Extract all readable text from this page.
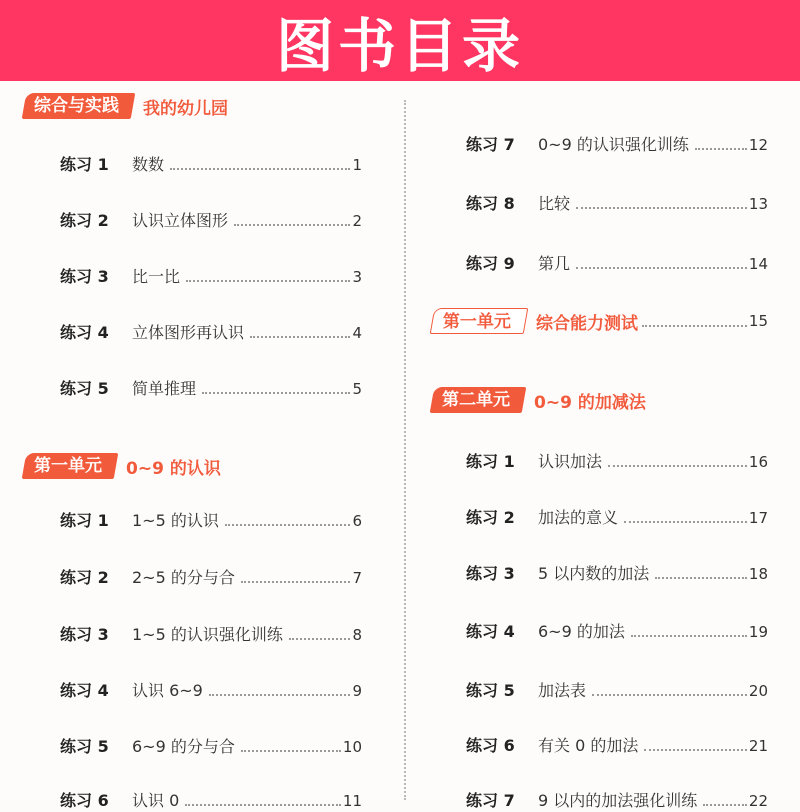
图书目录
综合与实践	我的幼儿园
练习 1	数数	1
练习 2	认识立体图形	2
练习 3	比一比	3
练习 4	立体图形再认识	4
练习 5	简单推理	5
第一单元	0~9 的认识
练习 1	1~5 的认识	6
练习 2	2~5 的分与合	7
练习 3	1~5 的认识强化训练	8
练习 4	认识 6~9	9
练习 5	6~9 的分与合	10
练习 6	认识 0	11
练习 7	0~9 的认识强化训练	12
练习 8	比较	13
练习 9	第几	14
第一单元	综合能力测试	15
第二单元	0~9 的加减法
练习 1	认识加法	16
练习 2	加法的意义	17
练习 3	5 以内数的加法	18
练习 4	6~9 的加法	19
练习 5	加法表	20
练习 6	有关 0 的加法	21
练习 7	9 以内的加法强化训练	22
